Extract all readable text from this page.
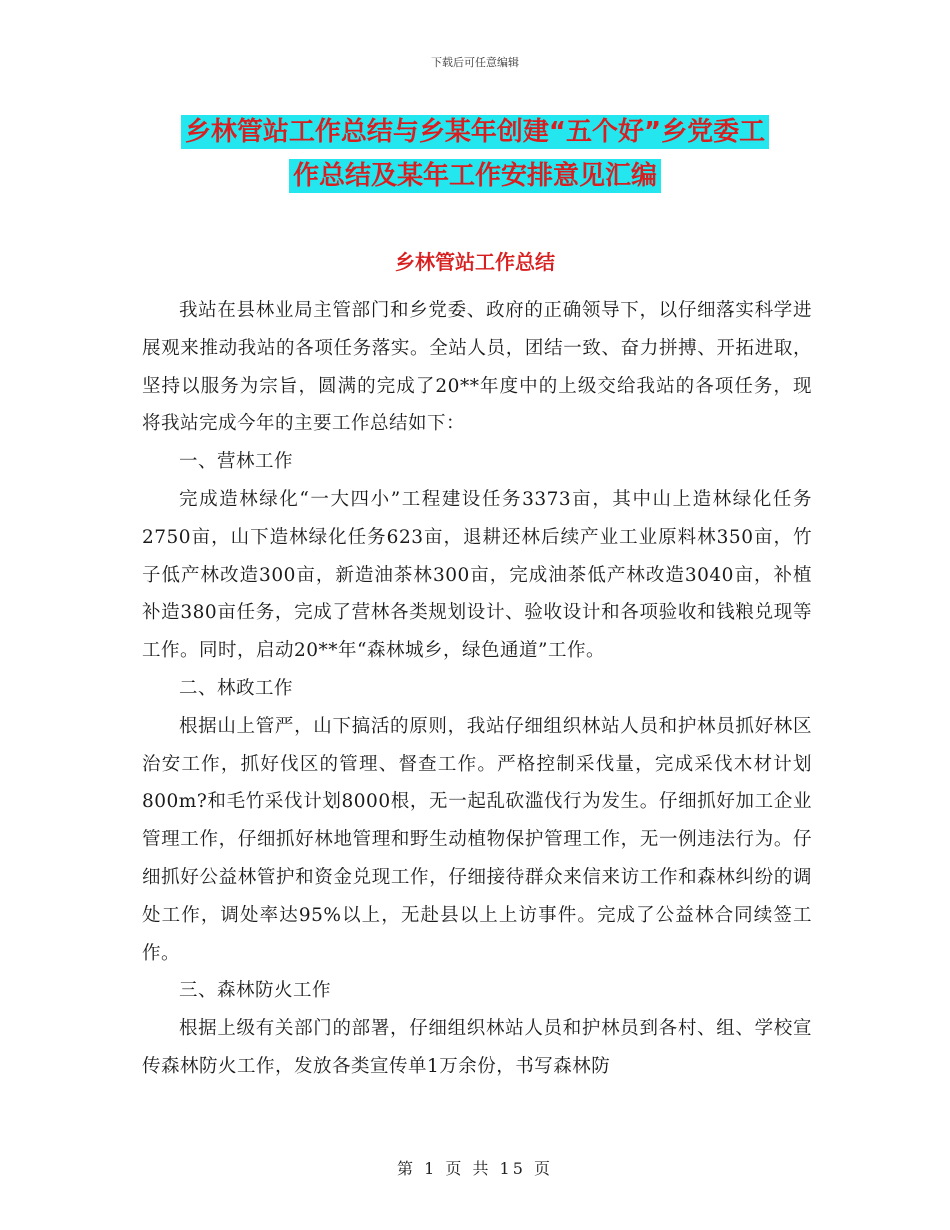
下载后可任意编辑
乡林管站工作总结与乡某年创建“五个好”乡党委工
作总结及某年工作安排意见汇编
乡林管站工作总结

我站在县林业局主管部门和乡党委、政府的正确领导下，以仔细落实科学进展观来推动我站的各项任务落实。全站人员，团结一致、奋力拼搏、开拓进取，坚持以服务为宗旨，圆满的完成了20**年度中的上级交给我站的各项任务，现将我站完成今年的主要工作总结如下：

一、营林工作

完成造林绿化“一大四小”工程建设任务3373亩，其中山上造林绿化任务2750亩，山下造林绿化任务623亩，退耕还林后续产业工业原料林350亩，竹子低产林改造300亩，新造油茶林300亩，完成油茶低产林改造3040亩，补植补造380亩任务，完成了营林各类规划设计、验收设计和各项验收和钱粮兑现等工作。同时，启动20**年“森林城乡，绿色通道”工作。

二、林政工作

根据山上管严，山下搞活的原则，我站仔细组织林站人员和护林员抓好林区治安工作，抓好伐区的管理、督查工作。严格控制采伐量，完成采伐木材计划800m?和毛竹采伐计划8000根，无一起乱砍滥伐行为发生。仔细抓好加工企业管理工作，仔细抓好林地管理和野生动植物保护管理工作，无一例违法行为。仔细抓好公益林管护和资金兑现工作，仔细接待群众来信来访工作和森林纠纷的调处工作，调处率达95%以上，无赴县以上上访事件。完成了公益林合同续签工作。

三、森林防火工作

根据上级有关部门的部署，仔细组织林站人员和护林员到各村、组、学校宣传森林防火工作，发放各类宣传单1万余份，书写森林防

第 1 页 共 15 页
